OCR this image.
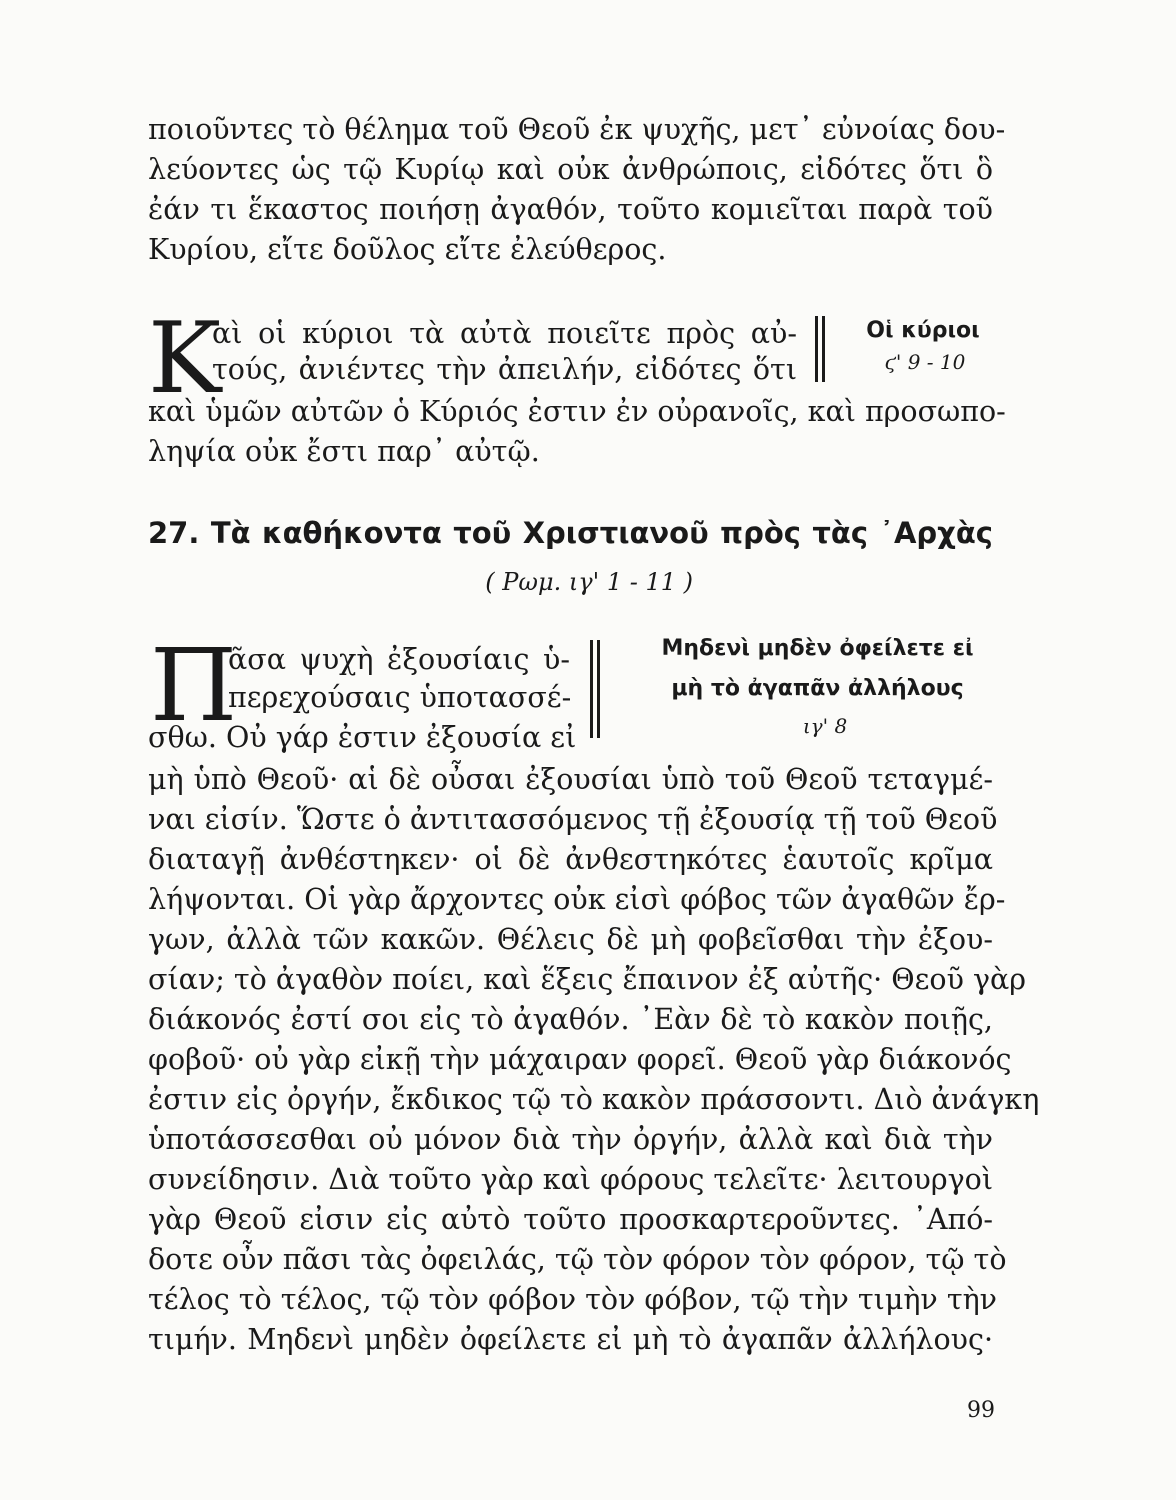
ποιοῦντες τὸ θέλημα τοῦ Θεοῦ ἐκ ψυχῆς, μετ᾽ εὐνοίας δου-
λεύοντες ὡς τῷ Κυρίῳ καὶ οὐκ ἀνθρώποις, εἰδότες ὅτι ὃ
ἐάν τι ἕκαστος ποιήσῃ ἀγαθόν, τοῦτο κομιεῖται παρὰ τοῦ
Κυρίου, εἴτε δοῦλος εἴτε ἐλεύθερος.
Κ
αὶ οἱ κύριοι τὰ αὐτὰ ποιεῖτε πρὸς αὐ-
τούς, ἀνιέντες τὴν ἀπειλήν, εἰδότες ὅτι
Οἱ κύριοι
ϛ' 9 - 10
καὶ ὑμῶν αὐτῶν ὁ Κύριός ἐστιν ἐν οὐρανοῖς, καὶ προσωπο-
ληψία οὐκ ἔστι παρ᾽ αὐτῷ.
27. Τὰ καθήκοντα τοῦ Χριστιανοῦ πρὸς τὰς ᾿Αρχὰς
( Ρωμ. ιγ' 1 - 11 )
Π
ᾶσα ψυχὴ ἐξουσίαις ὑ-
περεχούσαις ὑποτασσέ-
σθω. Οὐ γάρ ἐστιν ἐξουσία εἰ
Μηδενὶ μηδὲν ὀφείλετε εἰ
μὴ τὸ ἀγαπᾶν ἀλλήλους
ιγ' 8
μὴ ὑπὸ Θεοῦ· αἱ δὲ οὖσαι ἐξουσίαι ὑπὸ τοῦ Θεοῦ τεταγμέ-
ναι εἰσίν. Ὥστε ὁ ἀντιτασσόμενος τῇ ἐξουσίᾳ τῇ τοῦ Θεοῦ
διαταγῇ ἀνθέστηκεν· οἱ δὲ ἀνθεστηκότες ἑαυτοῖς κρῖμα
λήψονται. Οἱ γὰρ ἄρχοντες οὐκ εἰσὶ φόβος τῶν ἀγαθῶν ἔρ-
γων, ἀλλὰ τῶν κακῶν. Θέλεις δὲ μὴ φοβεῖσθαι τὴν ἐξου-
σίαν; τὸ ἀγαθὸν ποίει, καὶ ἕξεις ἔπαινον ἐξ αὐτῆς· Θεοῦ γὰρ
διάκονός ἐστί σοι εἰς τὸ ἀγαθόν. ᾿Εὰν δὲ τὸ κακὸν ποιῇς,
φοβοῦ· οὐ γὰρ εἰκῇ τὴν μάχαιραν φορεῖ. Θεοῦ γὰρ διάκονός
ἐστιν εἰς ὀργήν, ἔκδικος τῷ τὸ κακὸν πράσσοντι. Διὸ ἀνάγκη
ὑποτάσσεσθαι οὐ μόνον διὰ τὴν ὀργήν, ἀλλὰ καὶ διὰ τὴν
συνείδησιν. Διὰ τοῦτο γὰρ καὶ φόρους τελεῖτε· λειτουργοὶ
γὰρ Θεοῦ εἰσιν εἰς αὐτὸ τοῦτο προσκαρτεροῦντες. ᾿Από-
δοτε οὖν πᾶσι τὰς ὀφειλάς, τῷ τὸν φόρον τὸν φόρον, τῷ τὸ
τέλος τὸ τέλος, τῷ τὸν φόβον τὸν φόβον, τῷ τὴν τιμὴν τὴν
τιμήν. Μηδενὶ μηδὲν ὀφείλετε εἰ μὴ τὸ ἀγαπᾶν ἀλλήλους·
99
